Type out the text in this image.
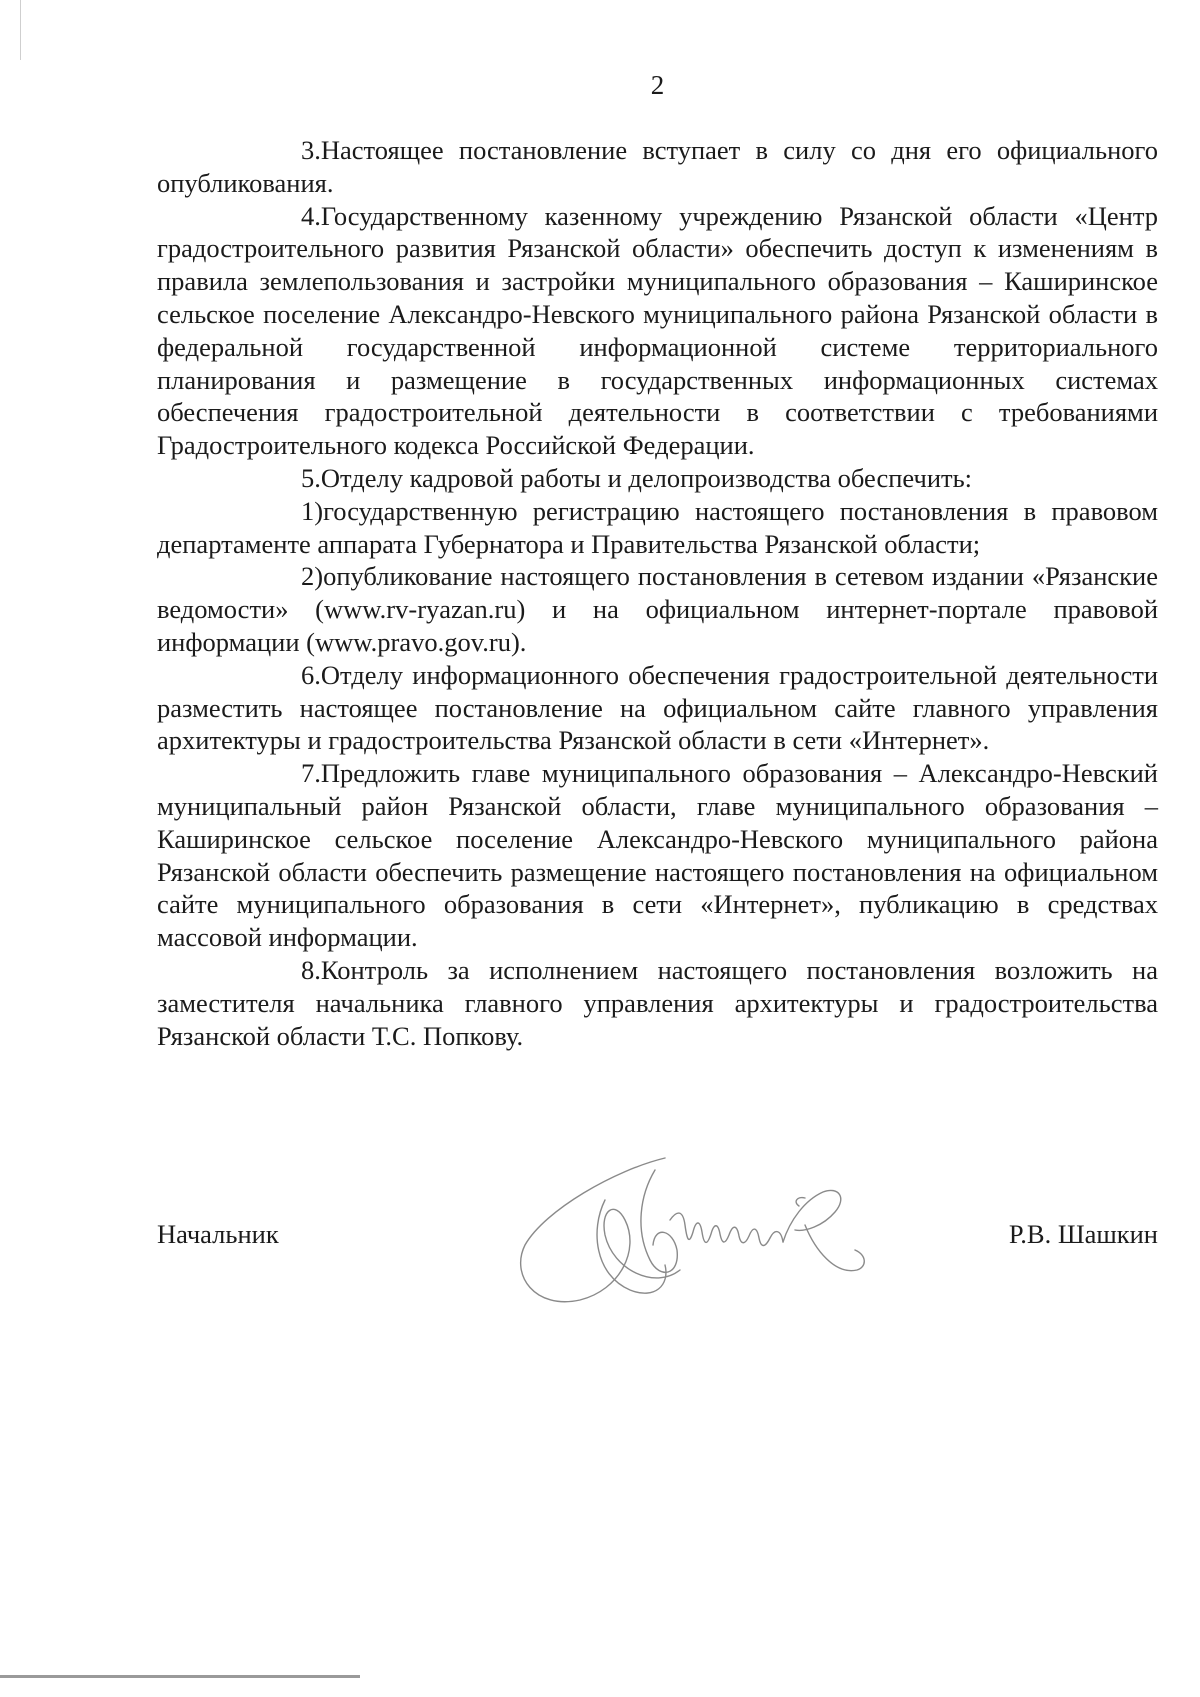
2

3.Настоящее постановление вступает в силу со дня его официального опубликования.

4.Государственному казенному учреждению Рязанской области «Центр градостроительного развития Рязанской области» обеспечить доступ к изменениям в правила землепользования и застройки муниципального образования – Каширинское сельское поселение Александро-Невского муниципального района Рязанской области в федеральной государственной информационной системе территориального планирования и размещение в государственных информационных системах обеспечения градостроительной деятельности в соответствии с требованиями Градостроительного кодекса Российской Федерации.

5.Отделу кадровой работы и делопроизводства обеспечить:

1)государственную регистрацию настоящего постановления в правовом департаменте аппарата Губернатора и Правительства Рязанской области;

2)опубликование настоящего постановления в сетевом издании «Рязанские ведомости» (www.rv-ryazan.ru) и на официальном интернет-портале правовой информации (www.pravo.gov.ru).

6.Отделу информационного обеспечения градостроительной деятельности разместить настоящее постановление на официальном сайте главного управления архитектуры и градостроительства Рязанской области в сети «Интернет».

7.Предложить главе муниципального образования – Александро-Невский муниципальный район Рязанской области, главе муниципального образования – Каширинское сельское поселение Александро-Невского муниципального района Рязанской области обеспечить размещение настоящего постановления на официальном сайте муниципального образования в сети «Интернет», публикацию в средствах массовой информации.

8.Контроль за исполнением настоящего постановления возложить на заместителя начальника главного управления архитектуры и градостроительства Рязанской области Т.С. Попкову.

Начальник	Р.В. Шашкин
